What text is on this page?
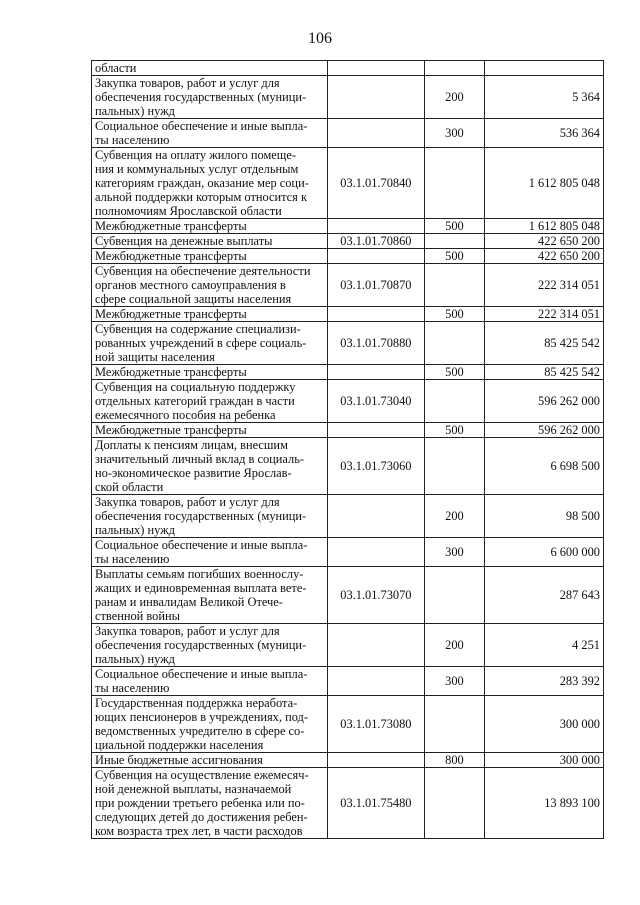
106
области			

Закупка товаров, работ и услуг для
обеспечения государственных (муници-
пальных) нужд		200	5 364

Социальное обеспечение и иные выпла-
ты населению		300	536 364

Субвенция на оплату жилого помеще-
ния и коммунальных услуг отдельным
категориям граждан, оказание мер соци-
альной поддержки которым относится к
полномочиям Ярославской области	03.1.01.70840		1 612 805 048

Межбюджетные трансферты		500	1 612 805 048

Субвенция на денежные выплаты	03.1.01.70860		422 650 200

Межбюджетные трансферты		500	422 650 200

Субвенция на обеспечение деятельности
органов местного самоуправления в
сфере социальной защиты населения	03.1.01.70870		222 314 051

Межбюджетные трансферты		500	222 314 051

Субвенция на содержание специализи-
рованных учреждений в сфере социаль-
ной защиты населения	03.1.01.70880		85 425 542

Межбюджетные трансферты		500	85 425 542

Субвенция на социальную поддержку
отдельных категорий граждан в части
ежемесячного пособия на ребенка	03.1.01.73040		596 262 000

Межбюджетные трансферты		500	596 262 000

Доплаты к пенсиям лицам, внесшим
значительный личный вклад в социаль-
но-экономическое развитие Ярослав-
ской области	03.1.01.73060		6 698 500

Закупка товаров, работ и услуг для
обеспечения государственных (муници-
пальных) нужд		200	98 500

Социальное обеспечение и иные выпла-
ты населению		300	6 600 000

Выплаты семьям погибших военнослу-
жащих и единовременная выплата вете-
ранам и инвалидам Великой Отече-
ственной войны	03.1.01.73070		287 643

Закупка товаров, работ и услуг для
обеспечения государственных (муници-
пальных) нужд		200	4 251

Социальное обеспечение и иные выпла-
ты населению		300	283 392

Государственная поддержка неработа-
ющих пенсионеров в учреждениях, под-
ведомственных учредителю в сфере со-
циальной поддержки населения	03.1.01.73080		300 000

Иные бюджетные ассигнования		800	300 000

Субвенция на осуществление ежемесяч-
ной денежной выплаты, назначаемой
при рождении третьего ребенка или по-
следующих детей до достижения ребен-
ком возраста трех лет, в части расходов	03.1.01.75480		13 893 100
